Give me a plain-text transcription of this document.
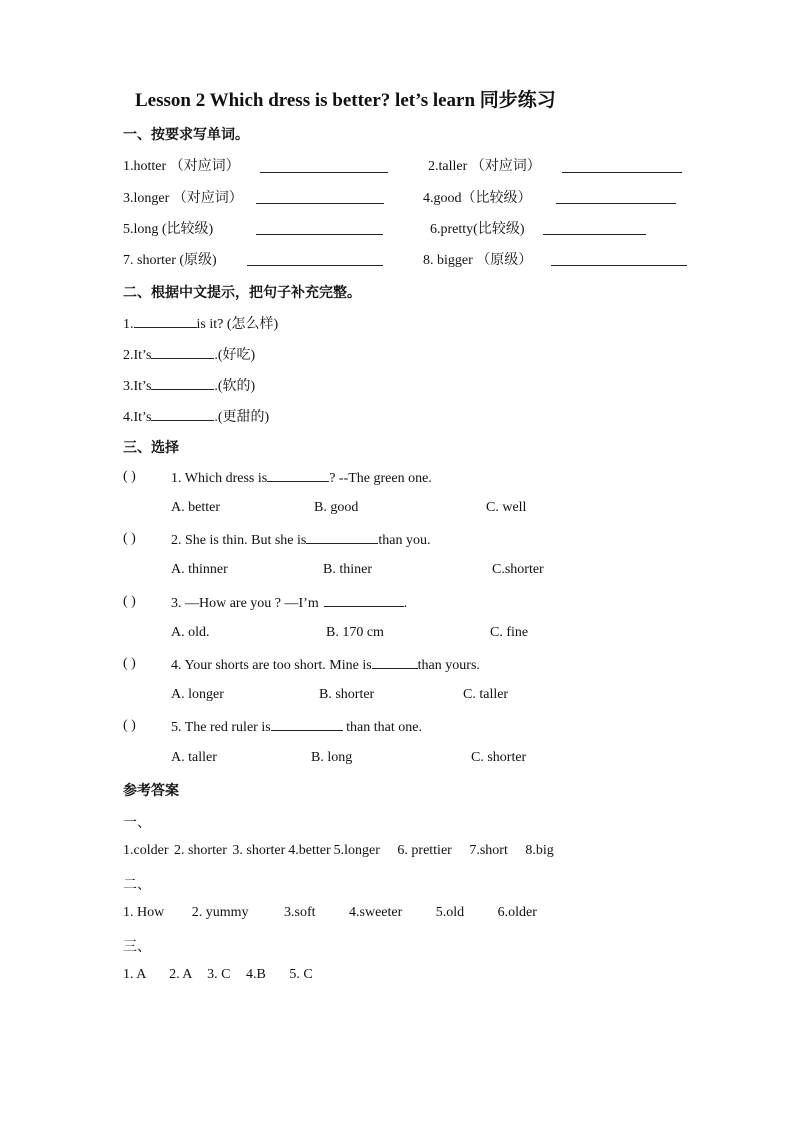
Lesson 2 Which dress is better? let’s learn 同步练习
一、按要求写单词。
1.hotter （对应词）	2.taller （对应词）
3.longer （对应词）	4.good（比较级）
5.long (比较级)	6.pretty(比较级)
7. shorter (原级)	8. bigger （原级）
二、根据中文提示，把句子补充完整。
1.	is it? (怎么样)
2.It’s	.(好吃)
3.It’s	.(软的)
4.It’s	.(更甜的)
三、选择
( )	1. Which dress is	? --The green one.
A. better	B. good	C. well
( )	2. She is thin. But she is	than you.
A. thinner	B. thiner	C.shorter
( )	3. —How are you ? —I’m	.
A. old.	B. 170 cm	C. fine
( )	4. Your shorts are too short. Mine is	than yours.
A. longer	B. shorter	C. taller
( )	5. The red ruler is	than that one.
A. taller	B. long	C. shorter
参考答案
一、
1.colder 2. shorter 3. shorter 4.better 5.longer 6. prettier 7.short 8.big
二、
1. How 2. yummy	3.soft 4.sweeter 5.old 6.older
三、
1. A 2. A 3. C 4.B 5. C
